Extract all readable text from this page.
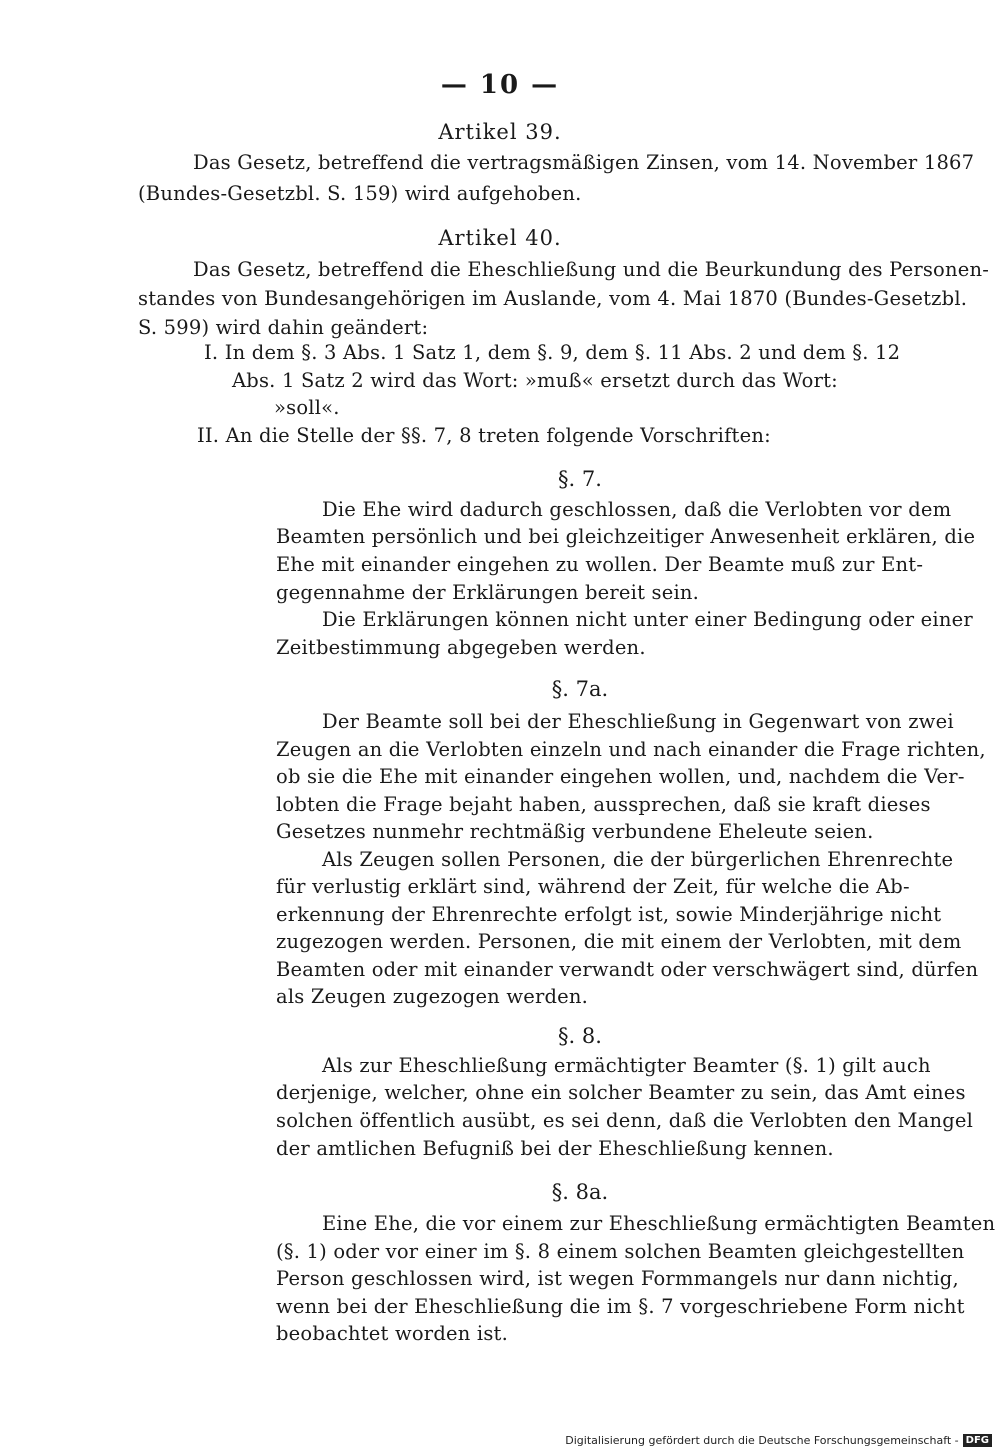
— 10 —
Artikel 39.
Das Gesetz, betreffend die vertragsmäßigen Zinsen, vom 14. November 1867
(Bundes-Gesetzbl. S. 159) wird aufgehoben.
Artikel 40.
Das Gesetz, betreffend die Eheschließung und die Beurkundung des Personen-
standes von Bundesangehörigen im Auslande, vom 4. Mai 1870 (Bundes-Gesetzbl.
S. 599) wird dahin geändert:
I. In dem §. 3 Abs. 1 Satz 1, dem §. 9, dem §. 11 Abs. 2 und dem §. 12
Abs. 1 Satz 2 wird das Wort: »muß« ersetzt durch das Wort:
»soll«.
II. An die Stelle der §§. 7, 8 treten folgende Vorschriften:
§. 7.
Die Ehe wird dadurch geschlossen, daß die Verlobten vor dem
Beamten persönlich und bei gleichzeitiger Anwesenheit erklären, die
Ehe mit einander eingehen zu wollen. Der Beamte muß zur Ent-
gegennahme der Erklärungen bereit sein.
Die Erklärungen können nicht unter einer Bedingung oder einer
Zeitbestimmung abgegeben werden.
§. 7a.
Der Beamte soll bei der Eheschließung in Gegenwart von zwei
Zeugen an die Verlobten einzeln und nach einander die Frage richten,
ob sie die Ehe mit einander eingehen wollen, und, nachdem die Ver-
lobten die Frage bejaht haben, aussprechen, daß sie kraft dieses
Gesetzes nunmehr rechtmäßig verbundene Eheleute seien.
Als Zeugen sollen Personen, die der bürgerlichen Ehrenrechte
für verlustig erklärt sind, während der Zeit, für welche die Ab-
erkennung der Ehrenrechte erfolgt ist, sowie Minderjährige nicht
zugezogen werden. Personen, die mit einem der Verlobten, mit dem
Beamten oder mit einander verwandt oder verschwägert sind, dürfen
als Zeugen zugezogen werden.
§. 8.
Als zur Eheschließung ermächtigter Beamter (§. 1) gilt auch
derjenige, welcher, ohne ein solcher Beamter zu sein, das Amt eines
solchen öffentlich ausübt, es sei denn, daß die Verlobten den Mangel
der amtlichen Befugniß bei der Eheschließung kennen.
§. 8a.
Eine Ehe, die vor einem zur Eheschließung ermächtigten Beamten
(§. 1) oder vor einer im §. 8 einem solchen Beamten gleichgestellten
Person geschlossen wird, ist wegen Formmangels nur dann nichtig,
wenn bei der Eheschließung die im §. 7 vorgeschriebene Form nicht
beobachtet worden ist.
Digitalisierung gefördert durch die Deutsche Forschungsgemeinschaft - DFG
